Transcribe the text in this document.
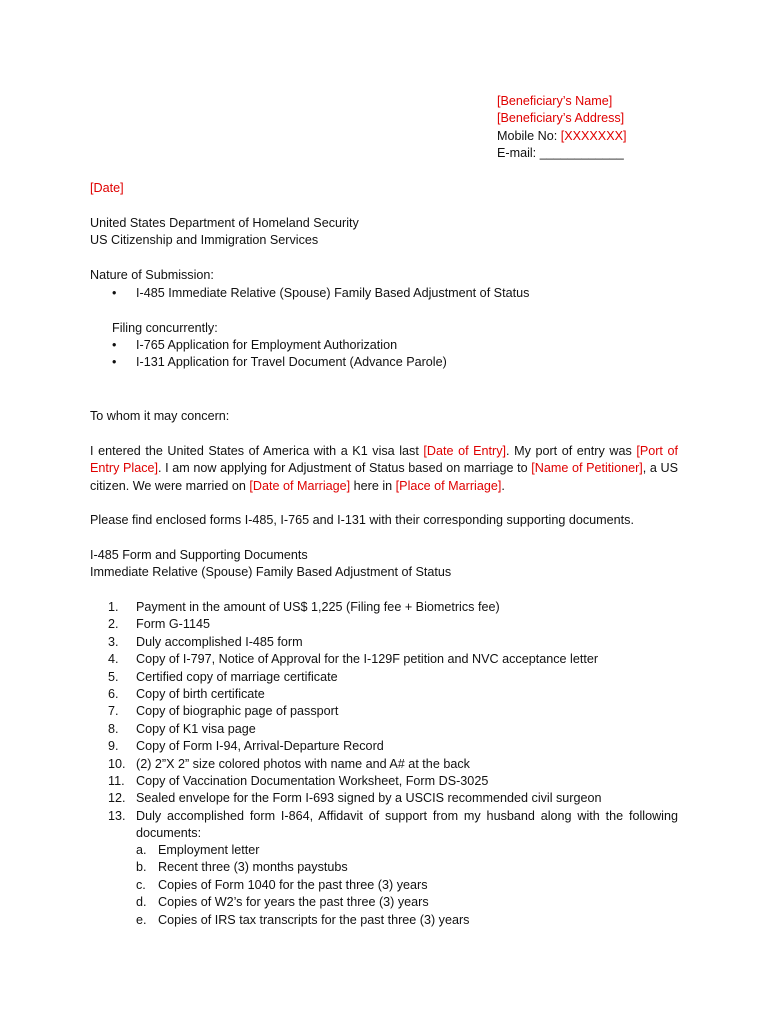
[Beneficiary’s Name]
[Beneficiary’s Address]
Mobile No: [XXXXXXX]
E-mail: ____________
[Date]
United States Department of Homeland Security
US Citizenship and Immigration Services
Nature of Submission:
• I-485 Immediate Relative (Spouse) Family Based Adjustment of Status
Filing concurrently:
• I-765 Application for Employment Authorization
• I-131 Application for Travel Document (Advance Parole)
To whom it may concern:
I entered the United States of America with a K1 visa last [Date of Entry]. My port of entry was [Port of Entry Place]. I am now applying for Adjustment of Status based on marriage to [Name of Petitioner], a US citizen. We were married on [Date of Marriage] here in [Place of Marriage].
Please find enclosed forms I-485, I-765 and I-131 with their corresponding supporting documents.
I-485 Form and Supporting Documents
Immediate Relative (Spouse) Family Based Adjustment of Status
1. Payment in the amount of US$ 1,225 (Filing fee + Biometrics fee)
2. Form G-1145
3. Duly accomplished I-485 form
4. Copy of I-797, Notice of Approval for the I-129F petition and NVC acceptance letter
5. Certified copy of marriage certificate
6. Copy of birth certificate
7. Copy of biographic page of passport
8. Copy of K1 visa page
9. Copy of Form I-94, Arrival-Departure Record
10. (2) 2”X 2” size colored photos with name and A# at the back
11. Copy of Vaccination Documentation Worksheet, Form DS-3025
12. Sealed envelope for the Form I-693 signed by a USCIS recommended civil surgeon
13. Duly accomplished form I-864, Affidavit of support from my husband along with the following documents:
a. Employment letter
b. Recent three (3) months paystubs
c. Copies of Form 1040 for the past three (3) years
d. Copies of W2’s for years the past three (3) years
e. Copies of IRS tax transcripts for the past three (3) years
